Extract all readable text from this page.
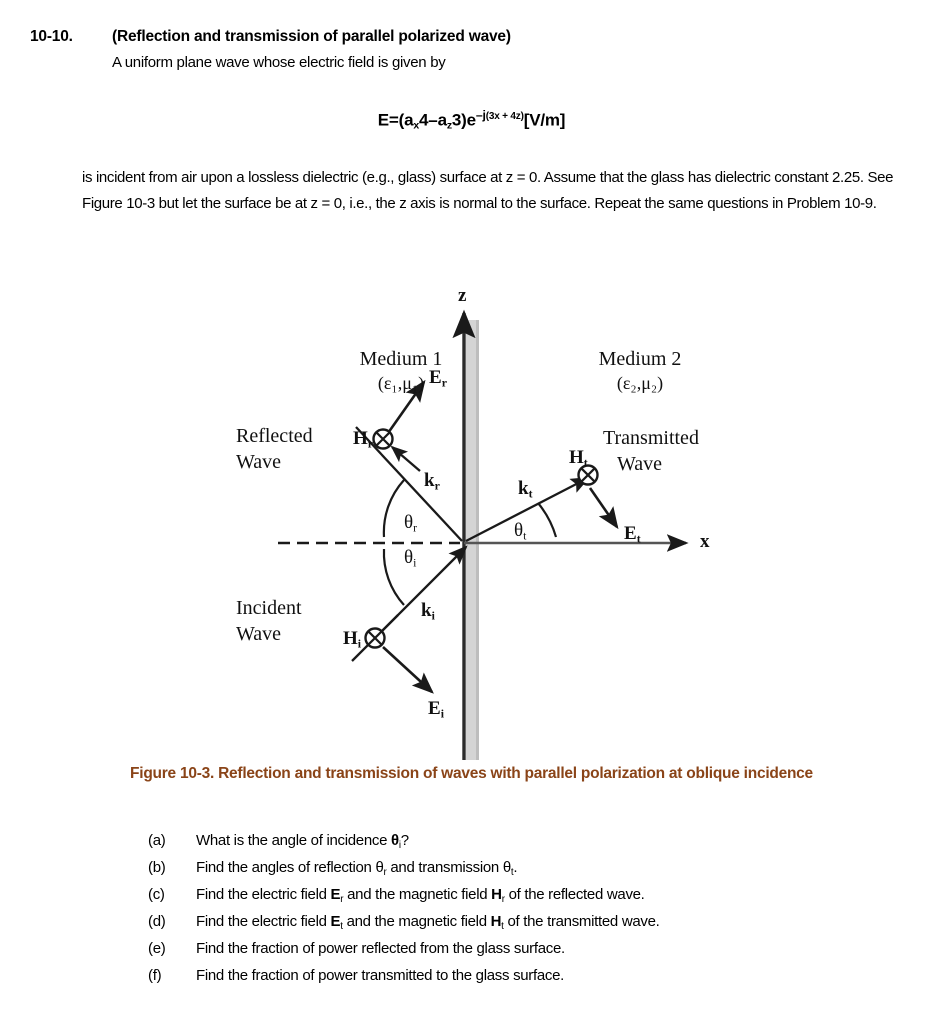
10-10.	(Reflection and transmission of parallel polarized wave)
A uniform plane wave whose electric field is given by
$E=(a_x4-a_z3)e^{-j(3x + 4z)}[V/m]$
is incident from air upon a lossless dielectric (e.g., glass) surface at z = 0. Assume that the glass has dielectric constant 2.25. See Figure 10-3 but let the surface be at z = 0, i.e., the z axis is normal to the surface. Repeat the same questions in Problem 10-9.
z
x
Medium 1
(ε₁,μ₁)
Medium 2
(ε₂,μ₂)
Reflected
Wave
Incident
Wave
Transmitted
Wave
$E_r$
$H_r$
$k_r$
$k_i$
$H_i$
$E_i$
$k_t$
$H_t$
$E_t$
$\theta_r$
$\theta_i$
$\theta_t$
Figure 10-3. Reflection and transmission of waves with parallel polarization at oblique incidence
(a)	What is the angle of incidence $\theta_i$?
(b)	Find the angles of reflection $\theta_r$ and transmission $\theta_t$.
(c)	Find the electric field $E_r$ and the magnetic field $H_r$ of the reflected wave.
(d)	Find the electric field $E_t$ and the magnetic field $H_t$ of the transmitted wave.
(e)	Find the fraction of power reflected from the glass surface.
(f)	Find the fraction of power transmitted to the glass surface.
